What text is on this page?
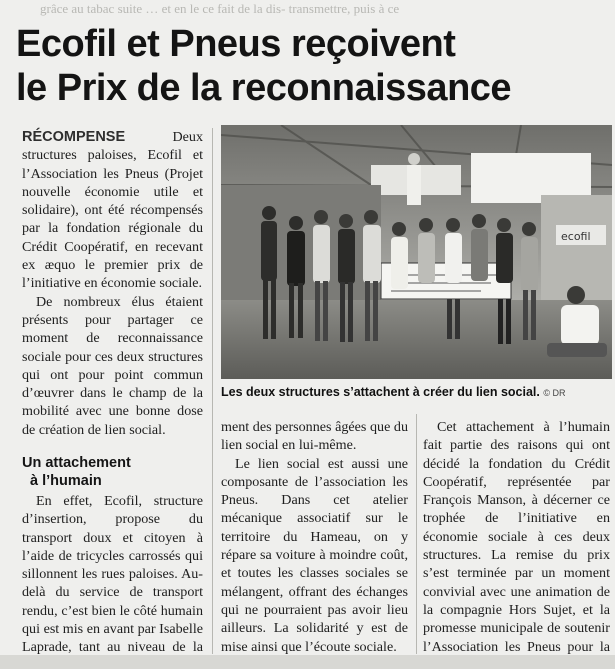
grâce au tabac suite … et en le ce fait de la dis- transmettre, puis à ce
Ecofil et Pneus reçoivent
le Prix de la reconnaissance
ecofil
Les deux structures s’attachent à créer du lien social. © DR

RÉCOMPENSE	Deux structures paloises, Ecofil et l’Association les Pneus (Projet nouvelle économie utile et solidaire), ont été récompensés par la fondation régionale du Crédit Coopératif, en recevant ex æquo le premier prix de l’initiative en économie sociale.

De nombreux élus étaient présents pour partager ce moment de reconnaissance sociale pour ces deux structures qui ont pour point commun d’œuvrer dans le champ de la mobilité avec une bonne dose de création de lien social.

Un attachement
à l’humain

En effet, Ecofil, structure d’insertion, propose du transport doux et citoyen à l’aide de tricycles carrossés qui sillonnent les rues paloises. Au-delà du service de transport rendu, c’est bien le côté humain qui est mis en avant par Isabelle Laprade, tant au niveau de la

ment des personnes âgées que du lien social en lui-même.

Le lien social est aussi une composante de l’association les Pneus. Dans cet atelier mécanique associatif sur le territoire du Hameau, on y répare sa voiture à moindre coût, et toutes les classes sociales se mélangent, offrant des échanges qui ne pourraient pas avoir lieu ailleurs. La solidarité y est de mise ainsi que l’écoute sociale.

Cet attachement à l’humain fait partie des raisons qui ont décidé la fondation du Crédit Coopératif, représentée par François Manson, à décerner ce trophée de l’initiative en économie sociale à ces deux structures. La remise du prix s’est terminée par un moment convivial avec une animation de la compagnie Hors Sujet, et la promesse municipale de soutenir l’Association les Pneus pour la
